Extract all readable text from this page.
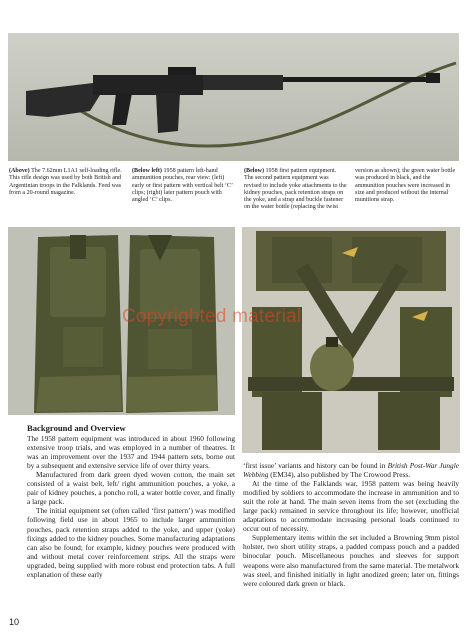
(Above) The 7.62mm L1A1 self-loading rifle. This rifle design was used by both British and Argentinian troops in the Falklands. Feed was from a 20-round magazine.
(Below left) 1958 pattern left-hand ammunition pouches, rear view: (left) early or first pattern with vertical belt ‘C’ clips; (right) later pattern pouch with angled ‘C’ clips.
(Below) 1958 first pattern equipment. The second pattern equipment was revised to include yoke attachments to the kidney pouches, pack retention straps on the yoke, and a strap and buckle fastener on the water bottle (replacing the twist version as shown); the green water bottle was produced in black, and the ammunition pouches were increased in size and produced without the internal munitions strap.
Copyrighted material
Background and Overview

The 1958 pattern equipment was introduced in about 1960 following extensive troop trials, and was employed in a number of theatres. It was an improvement over the 1937 and 1944 pattern sets, borne out by a subsequent and extensive service life of over thirty years.

Manufactured from dark green dyed woven cotton, the main set consisted of a waist belt, left/ right ammunition pouches, a yoke, a pair of kidney pouches, a poncho roll, a water bottle cover, and finally a large pack.

The initial equipment set (often called ‘first pattern’) was modified following field use in about 1965 to include larger ammunition pouches, pack retention straps added to the yoke, and upper (yoke) fixings added to the kidney pouches. Some manufacturing adaptations can also be found; for example, kidney pouches were produced with and without metal cover reinforcement strips. All the straps were upgraded, being supplied with more robust end protection tabs. A full explanation of these early

‘first issue’ variants and history can be found in British Post-War Jungle Webbing (EM34), also published by The Crowood Press.

At the time of the Falklands war, 1958 pattern was being heavily modified by soldiers to accommodate the increase in ammunition and to suit the role at hand. The main seven items from the set (excluding the large pack) remained in service throughout its life; however, unofficial adaptations to accommodate increasing personal loads continued to occur out of necessity.

Supplementary items within the set included a Browning 9mm pistol holster, two short utility straps, a padded compass pouch and a padded binocular pouch. Miscellaneous pouches and sleeves for support weapons were also manufactured from the same material. The metalwork was steel, and finished initially in light anodized green; later on, fittings were coloured dark green or black.

10
